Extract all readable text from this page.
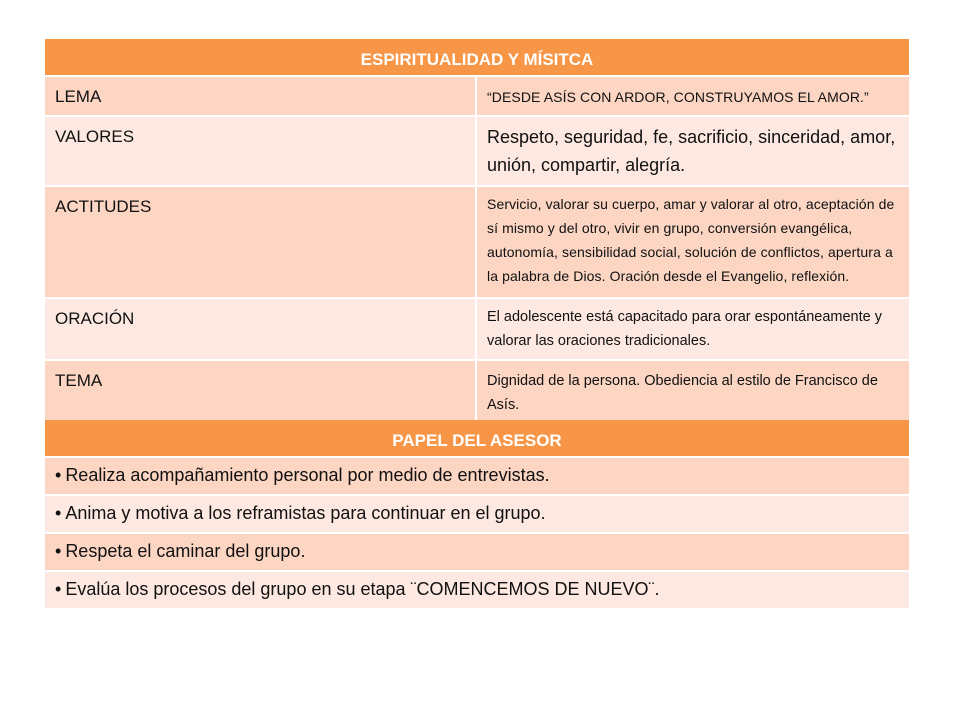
ESPIRITUALIDAD Y MÍSITCA	
LEMA	“DESDE ASÍS CON ARDOR, CONSTRUYAMOS EL AMOR.”
VALORES	Respeto, seguridad, fe, sacrificio, sinceridad, amor, unión, compartir, alegría.
ACTITUDES	Servicio, valorar su cuerpo, amar y valorar al otro, aceptación de sí mismo y del otro, vivir en grupo, conversión evangélica, autonomía, sensibilidad social, solución de conflictos, apertura a la palabra de Dios. Oración desde el Evangelio, reflexión.
ORACIÓN	El adolescente está capacitado para orar espontáneamente y valorar las oraciones tradicionales.
TEMA	Dignidad de la persona. Obediencia al estilo de Francisco de Asís.
PAPEL DEL ASESOR
• Realiza acompañamiento personal por medio de entrevistas.
• Anima y motiva a los reframistas para continuar en el grupo.
• Respeta el caminar del grupo.
• Evalúa los procesos del grupo en su etapa ¨COMENCEMOS DE NUEVO¨.
